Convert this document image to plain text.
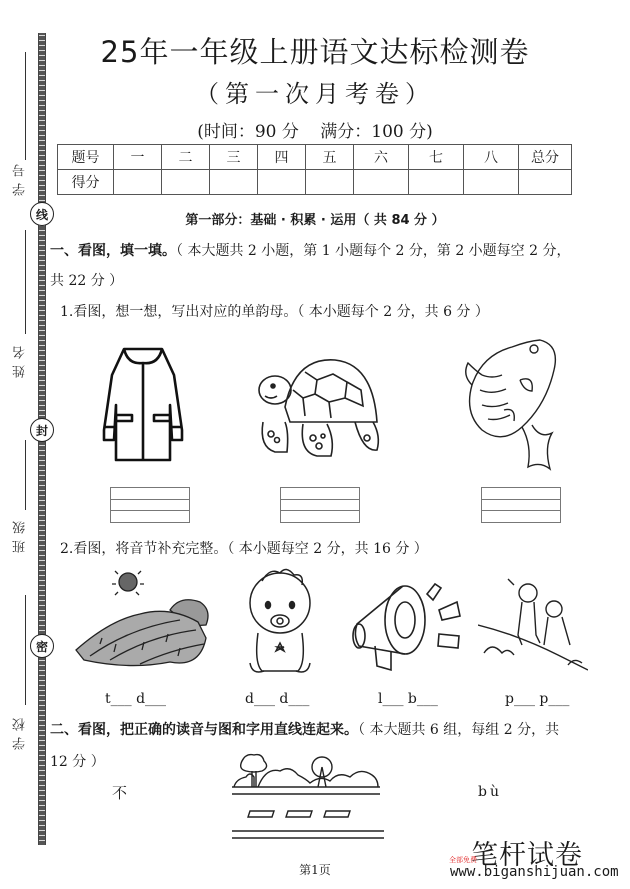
学号
线
姓名
封
班级
密
学校
25年一年级上册语文达标检测卷
（第一次月考卷）
(时间：90 分 满分：100 分)
题号	一	二	三	四	五	六	七	八	总分
得分									
第一部分：基础 · 积累 · 运用（ 共 84 分 ）
一、看图，填一填。（ 本大题共 2 小题，第 1 小题每个 2 分，第 2 小题每空 2 分，
共 22 分 ）
1.看图，想一想，写出对应的单韵母。（ 本小题每个 2 分，共 6 分 ）
2.看图，将音节补充完整。（ 本小题每空 2 分，共 16 分 ）
t___ d___	d___ d___	l___ b___	p___ p___
二、看图，把正确的读音与图和字用直线连起来。（ 本大题共 6 组，每组 2 分，共
12 分 ）
不	bù
第1页	笔杆试卷
全部免费
www.biganshijuan.com
